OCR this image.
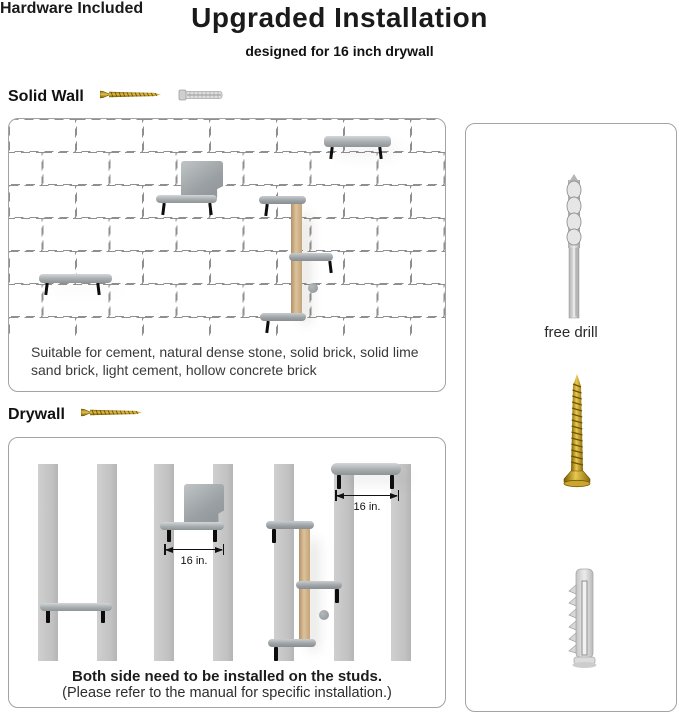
Upgraded Installation
designed for 16 inch drywall
Solid Wall

Suitable for cement, natural dense stone, solid brick, solid lime sand brick, light cement, hollow concrete brick

Drywall
16 in.
16 in.
Both side need to be installed on the studs.
(Please refer to the manual for specific installation.)
Hardware Included
free drill
